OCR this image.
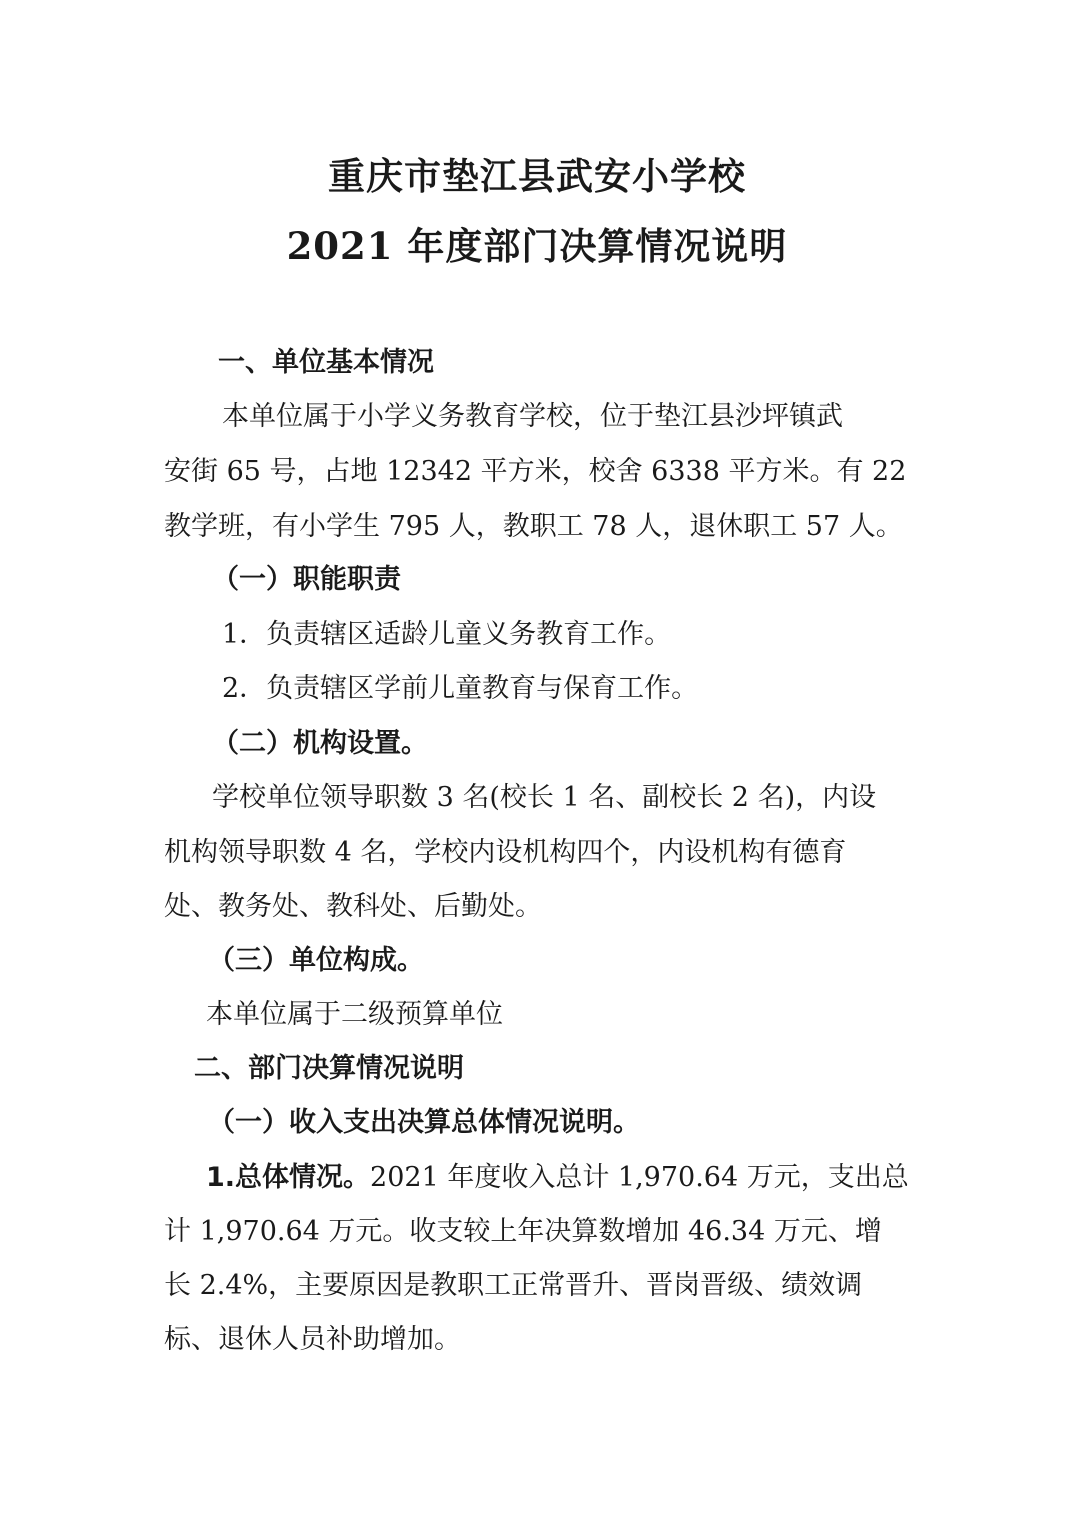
重庆市垫江县武安小学校
2021 年度部门决算情况说明
一、单位基本情况
本单位属于小学义务教育学校，位于垫江县沙坪镇武
安街 65 号，占地 12342 平方米，校舍 6338 平方米。有 22
教学班，有小学生 795 人，教职工 78 人，退休职工 57 人。
（一）职能职责
1．负责辖区适龄儿童义务教育工作。
2．负责辖区学前儿童教育与保育工作。
（二）机构设置。
学校单位领导职数 3 名(校长 1 名、副校长 2 名)，内设
机构领导职数 4 名，学校内设机构四个，内设机构有德育
处、教务处、教科处、后勤处。
（三）单位构成。
本单位属于二级预算单位
二、部门决算情况说明
（一）收入支出决算总体情况说明。
1.总体情况。2021 年度收入总计 1,970.64 万元，支出总
计 1,970.64 万元。收支较上年决算数增加 46.34 万元、增
长 2.4%，主要原因是教职工正常晋升、晋岗晋级、绩效调
标、退休人员补助增加。
